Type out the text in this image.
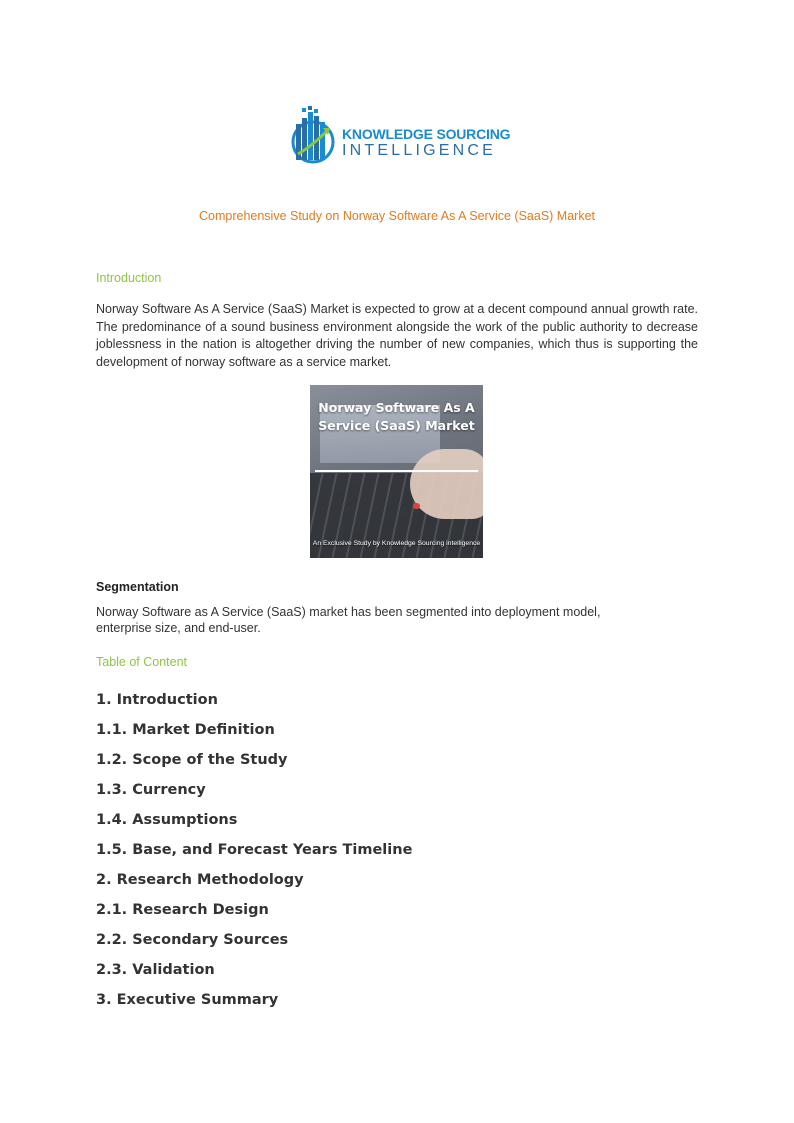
KNOWLEDGE SOURCING
INTELLIGENCE
Comprehensive Study on Norway Software As A Service (SaaS) Market
Introduction
Norway Software As A Service (SaaS) Market is expected to grow at a decent compound annual growth rate. The predominance of a sound business environment alongside the work of the public authority to decrease joblessness in the nation is altogether driving the number of new companies, which thus is supporting the development of norway software as a service market.
Norway Software As A Service (SaaS) Market
An Exclusive Study by Knowledge Sourcing intelligence
Segmentation
Norway Software as A Service (SaaS) market has been segmented into deployment model, enterprise size, and end-user.
Table of Content
1. Introduction
1.1. Market Definition
1.2. Scope of the Study
1.3. Currency
1.4. Assumptions
1.5. Base, and Forecast Years Timeline
2. Research Methodology
2.1. Research Design
2.2. Secondary Sources
2.3. Validation
3. Executive Summary
